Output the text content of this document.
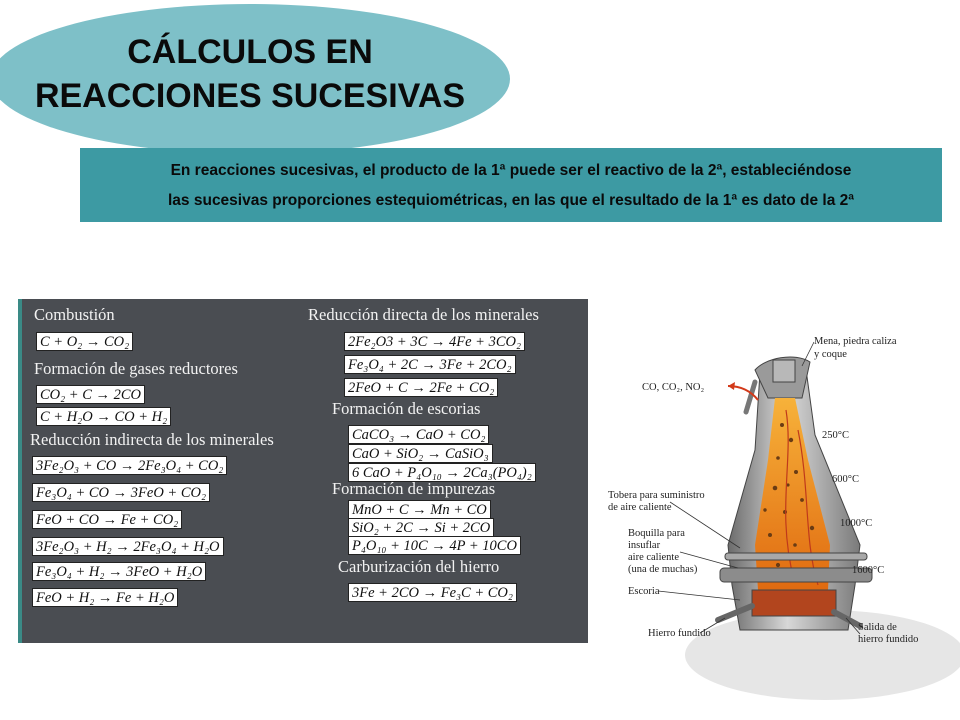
CÁLCULOS EN
REACCIONES SUCESIVAS
En reacciones sucesivas, el producto de la 1ª puede ser el reactivo de la 2ª, estableciéndose
las sucesivas proporciones estequiométricas, en las que el resultado de la 1ª es dato de la 2ª
Combustión
C + O₂ → CO₂
Formación de gases reductores
CO₂ + C → 2CO
C + H₂O → CO + H₂
Reducción indirecta de los minerales
3Fe₂O₃ + CO → 2Fe₃O₄ + CO₂
Fe₃O₄ + CO → 3FeO + CO₂
FeO + CO → Fe + CO₂
3Fe₂O₃ + H₂ → 2Fe₃O₄ + H₂O
Fe₃O₄ + H₂ → 3FeO + H₂O
FeO + H₂ → Fe + H₂O
Reducción directa de los minerales
2Fe₂O3 + 3C → 4Fe + 3CO₂
Fe₃O₄ + 2C → 3Fe + 2CO₂
2FeO + C → 2Fe + CO₂
Formación de escorias
CaCO₃ → CaO + CO₂
CaO + SiO₂ → CaSiO₃
6 CaO + P₄O₁₀ → 2Ca₃(PO₄)₂
Formación de impurezas
MnO + C → Mn + CO
SiO₂ + 2C → Si + 2CO
P₄O₁₀ + 10C → 4P + 10CO
Carburización del hierro
3Fe + 2CO → Fe₃C + CO₂
Mena, piedra caliza
y coque
CO, CO₂, NO₂
250°C
600°C
1000°C
1600°C
Tobera para suministro
de aire caliente
Boquilla para
insuflar
aire caliente
(una de muchas)
Escoria
Salida de
hierro fundido
Hierro fundido
